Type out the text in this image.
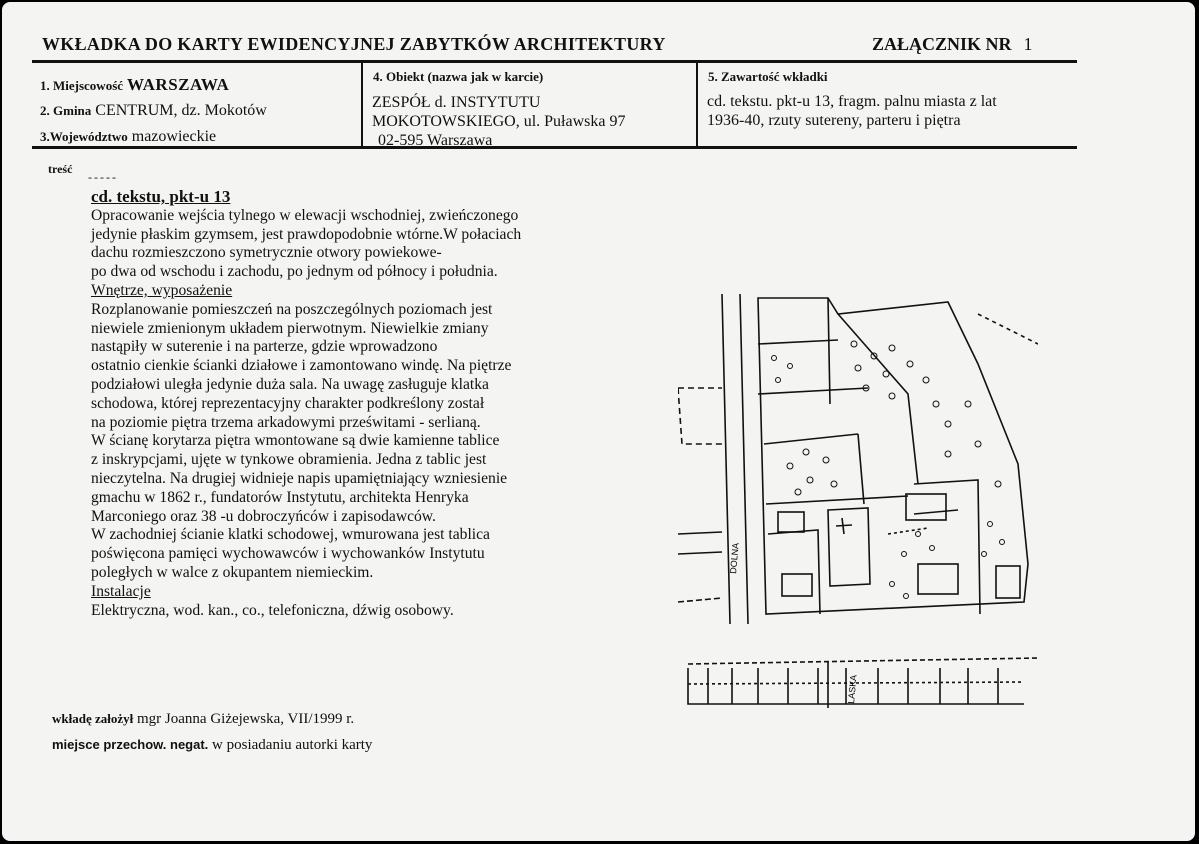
WKŁADKA DO KARTY EWIDENCYJNEJ ZABYTKÓW ARCHITEKTURY	ZAŁĄCZNIK NR 1
1. Miejscowość WARSZAWA
2. Gmina CENTRUM, dz. Mokotów
3.Województwo mazowieckie
4. Obiekt (nazwa jak w karcie)
ZESPÓŁ d. INSTYTUTU
MOKOTOWSKIEGO, ul. Puławska 97
02-595 Warszawa
5. Zawartość wkładki
cd. tekstu. pkt-u 13, fragm. palnu miasta z lat
1936-40, rzuty sutereny, parteru i piętra
treść
-----
cd. tekstu, pkt-u 13
Opracowanie wejścia tylnego w elewacji wschodniej, zwieńczonego
jedynie płaskim gzymsem, jest prawdopodobnie wtórne.W połaciach
dachu rozmieszczono symetrycznie otwory powiekowe-
po dwa od wschodu i zachodu, po jednym od północy i południa.
Wnętrze, wyposażenie
Rozplanowanie pomieszczeń na poszczególnych poziomach jest
niewiele zmienionym układem pierwotnym. Niewielkie zmiany
nastąpiły w suterenie i na parterze, gdzie wprowadzono
ostatnio cienkie ścianki działowe i zamontowano windę. Na piętrze
podziałowi uległa jedynie duża sala. Na uwagę zasługuje klatka
schodowa, której reprezentacyjny charakter podkreślony został
na poziomie piętra trzema arkadowymi prześwitami - serlianą.
W ścianę korytarza piętra wmontowane są dwie kamienne tablice
z inskrypcjami, ujęte w tynkowe obramienia. Jedna z tablic jest
nieczytelna. Na drugiej widnieje napis upamiętniający wzniesienie
gmachu w 1862 r., fundatorów Instytutu, architekta Henryka
Marconiego oraz 38 -u dobroczyńców i zapisodawców.
W zachodniej ścianie klatki schodowej, wmurowana jest tablica
poświęcona pamięci wychowawców i wychowanków Instytutu
poległych w walce z okupantem niemieckim.
Instalacje
Elektryczna, wod. kan., co., telefoniczna, dźwig osobowy.
DOLNA
LASKA
wkładę założył mgr Joanna Giżejewska, VII/1999 r.
miejsce przechow. negat. w posiadaniu autorki karty
